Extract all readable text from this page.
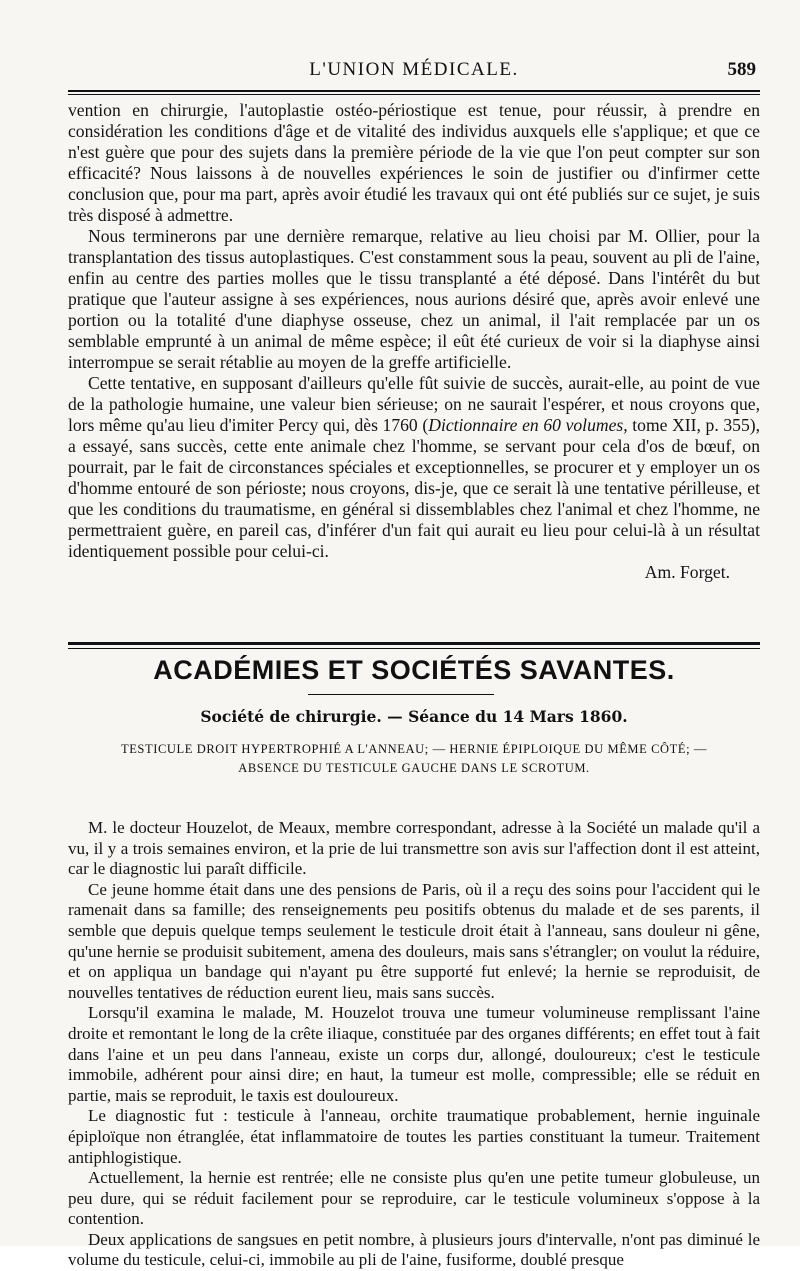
L'UNION MÉDICALE.	589

vention en chirurgie, l'autoplastie ostéo-périostique est tenue, pour réussir, à prendre en considération les conditions d'âge et de vitalité des individus auxquels elle s'applique; et que ce n'est guère que pour des sujets dans la première période de la vie que l'on peut compter sur son efficacité? Nous laissons à de nouvelles expériences le soin de justifier ou d'infirmer cette conclusion que, pour ma part, après avoir étudié les travaux qui ont été publiés sur ce sujet, je suis très disposé à admettre.

Nous terminerons par une dernière remarque, relative au lieu choisi par M. Ollier, pour la transplantation des tissus autoplastiques. C'est constamment sous la peau, souvent au pli de l'aine, enfin au centre des parties molles que le tissu transplanté a été déposé. Dans l'intérêt du but pratique que l'auteur assigne à ses expériences, nous aurions désiré que, après avoir enlevé une portion ou la totalité d'une diaphyse osseuse, chez un animal, il l'ait remplacée par un os semblable emprunté à un animal de même espèce; il eût été curieux de voir si la diaphyse ainsi interrompue se serait rétablie au moyen de la greffe artificielle.

Cette tentative, en supposant d'ailleurs qu'elle fût suivie de succès, aurait-elle, au point de vue de la pathologie humaine, une valeur bien sérieuse; on ne saurait l'espérer, et nous croyons que, lors même qu'au lieu d'imiter Percy qui, dès 1760 (Dictionnaire en 60 volumes, tome XII, p. 355), a essayé, sans succès, cette ente animale chez l'homme, se servant pour cela d'os de bœuf, on pourrait, par le fait de circonstances spéciales et exceptionnelles, se procurer et y employer un os d'homme entouré de son périoste; nous croyons, dis-je, que ce serait là une tentative périlleuse, et que les conditions du traumatisme, en général si dissemblables chez l'animal et chez l'homme, ne permettraient guère, en pareil cas, d'inférer d'un fait qui aurait eu lieu pour celui-là à un résultat identiquement possible pour celui-ci.

Am. Forget.

ACADÉMIES ET SOCIÉTÉS SAVANTES.
Société de chirurgie. — Séance du 14 Mars 1860.
TESTICULE DROIT HYPERTROPHIÉ A L'ANNEAU; — HERNIE ÉPIPLOIQUE DU MÊME CÔTÉ; —
ABSENCE DU TESTICULE GAUCHE DANS LE SCROTUM.

M. le docteur Houzelot, de Meaux, membre correspondant, adresse à la Société un malade qu'il a vu, il y a trois semaines environ, et la prie de lui transmettre son avis sur l'affection dont il est atteint, car le diagnostic lui paraît difficile.

Ce jeune homme était dans une des pensions de Paris, où il a reçu des soins pour l'accident qui le ramenait dans sa famille; des renseignements peu positifs obtenus du malade et de ses parents, il semble que depuis quelque temps seulement le testicule droit était à l'anneau, sans douleur ni gêne, qu'une hernie se produisit subitement, amena des douleurs, mais sans s'étrangler; on voulut la réduire, et on appliqua un bandage qui n'ayant pu être supporté fut enlevé; la hernie se reproduisit, de nouvelles tentatives de réduction eurent lieu, mais sans succès.

Lorsqu'il examina le malade, M. Houzelot trouva une tumeur volumineuse remplissant l'aine droite et remontant le long de la crête iliaque, constituée par des organes différents; en effet tout à fait dans l'aine et un peu dans l'anneau, existe un corps dur, allongé, douloureux; c'est le testicule immobile, adhérent pour ainsi dire; en haut, la tumeur est molle, compressible; elle se réduit en partie, mais se reproduit, le taxis est douloureux.

Le diagnostic fut : testicule à l'anneau, orchite traumatique probablement, hernie inguinale épiploïque non étranglée, état inflammatoire de toutes les parties constituant la tumeur. Traitement antiphlogistique.

Actuellement, la hernie est rentrée; elle ne consiste plus qu'en une petite tumeur globuleuse, un peu dure, qui se réduit facilement pour se reproduire, car le testicule volumineux s'oppose à la contention.

Deux applications de sangsues en petit nombre, à plusieurs jours d'intervalle, n'ont pas diminué le volume du testicule, celui-ci, immobile au pli de l'aine, fusiforme, doublé presque
